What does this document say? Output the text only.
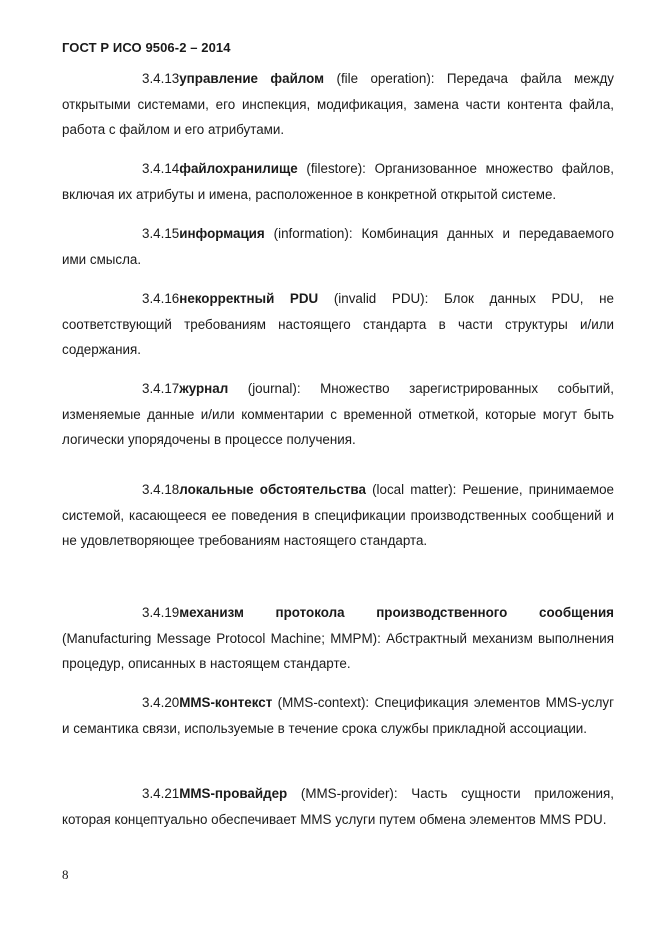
ГОСТ Р ИСО 9506-2 – 2014

3.4.13управление файлом (file operation): Передача файла между открытыми системами, его инспекция, модификация, замена части контента файла, работа с файлом и его атрибутами.

3.4.14файлохранилище (filestore): Организованное множество файлов, включая их атрибуты и имена, расположенное в конкретной открытой системе.

3.4.15информация (information): Комбинация данных и передаваемого ими смысла.

3.4.16некорректный PDU (invalid PDU): Блок данных PDU, не соответствующий требованиям настоящего стандарта в части структуры и/или содержания.

3.4.17журнал (journal): Множество зарегистрированных событий, изменяемые данные и/или комментарии с временной отметкой, которые могут быть логически упорядочены в процессе получения.

3.4.18локальные обстоятельства (local matter): Решение, принимаемое системой, касающееся ее поведения в спецификации производственных сообщений и не удовлетворяющее требованиям настоящего стандарта.

3.4.19механизм протокола производственного сообщения (Manufacturing Message Protocol Machine; MMPM): Абстрактный механизм выполнения процедур, описанных в настоящем стандарте.

3.4.20MMS-контекст (MMS-context): Спецификация элементов MMS-услуг и семантика связи, используемые в течение срока службы прикладной ассоциации.

3.4.21MMS-провайдер (MMS-provider): Часть сущности приложения, которая концептуально обеспечивает MMS услуги путем обмена элементов MMS PDU.

8
